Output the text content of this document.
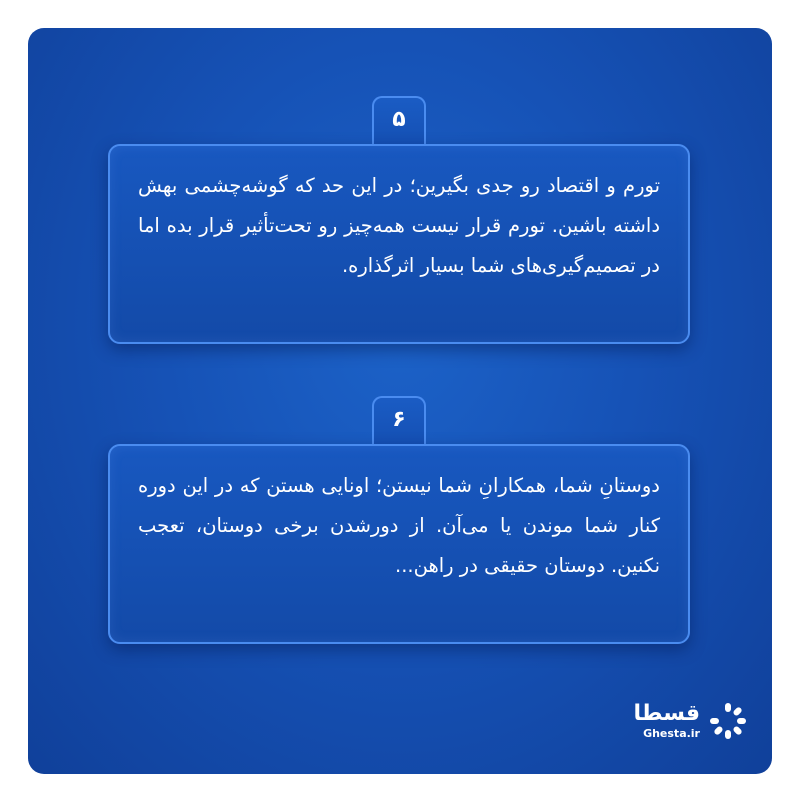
۵

تورم و اقتصاد رو جدی بگیرین؛ در این حد که گوشه‌چشمی بهش داشته باشین. تورم قرار نیست همه‌چیز رو تحت‌تأثیر قرار بده اما در تصمیم‌گیری‌های شما بسیار اثرگذاره.

۶

دوستانِ شما، همکارانِ شما نیستن؛ اونایی هستن که در این دوره کنار شما موندن یا می‌آن. از دورشدن برخی دوستان، تعجب نکنین. دوستان حقیقی در راهن...

قسطا
Ghesta.ir
